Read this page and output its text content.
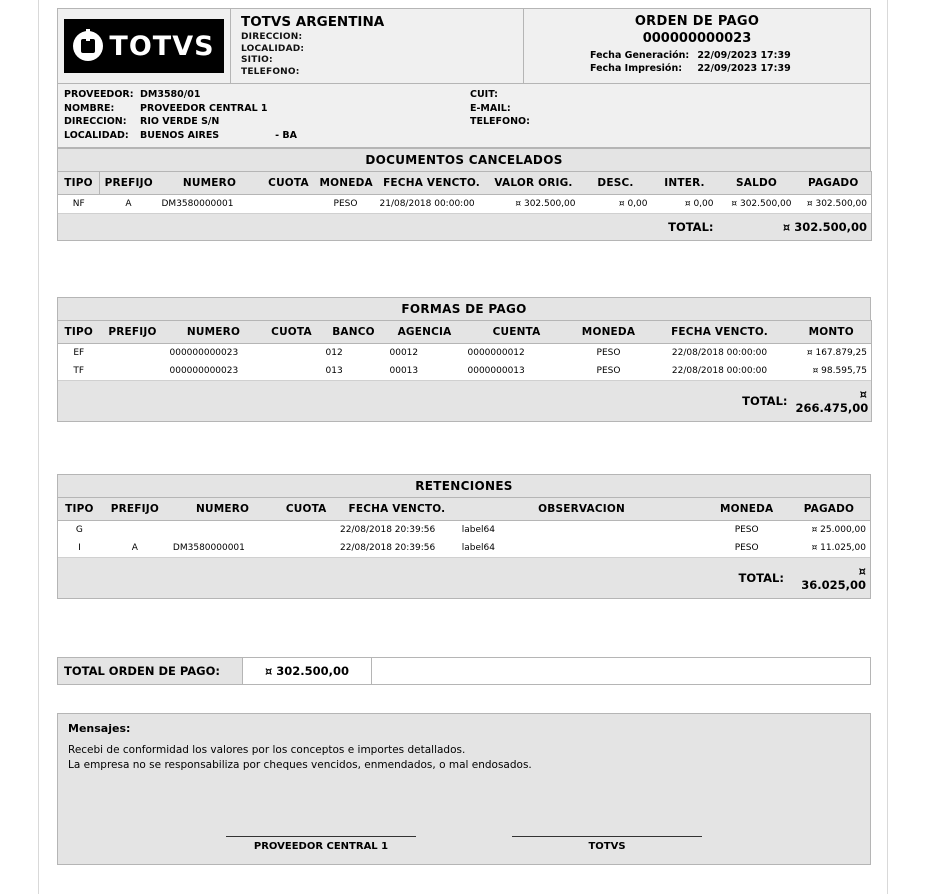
TOTVS
TOTVS ARGENTINA
DIRECCION:
LOCALIDAD:
SITIO:
TELEFONO:
ORDEN DE PAGO
000000000023
Fecha Generación: 22/09/2023 17:39
Fecha Impresión: 22/09/2023 17:39
PROVEEDOR: DM3580/01
NOMBRE:	PROVEEDOR CENTRAL 1
DIRECCION: RIO VERDE S/N
LOCALIDAD: BUENOS AIRES	- BA
CUIT:
E-MAIL:
TELEFONO:
DOCUMENTOS CANCELADOS
TIPO	PREFIJO	NUMERO	CUOTA	MONEDA	FECHA VENCTO.	VALOR ORIG.	DESC.	INTER.	SALDO	PAGADO
NF	A	DM3580000001		PESO	21/08/2018 00:00:00	¤ 302.500,00	¤ 0,00	¤ 0,00	¤ 302.500,00	¤ 302.500,00
TOTAL:									¤ 302.500,00	
FORMAS DE PAGO
TIPO	PREFIJO	NUMERO	CUOTA	BANCO	AGENCIA	CUENTA	MONEDA	FECHA VENCTO.	MONTO
EF		000000000023		012	00012	0000000012	PESO	22/08/2018 00:00:00	¤ 167.879,25
TF		000000000023		013	00013	0000000013	PESO	22/08/2018 00:00:00	¤ 98.595,75
TOTAL:									¤ 266.475,00
RETENCIONES
TIPO	PREFIJO	NUMERO	CUOTA	FECHA VENCTO.	OBSERVACION	MONEDA	PAGADO
G				22/08/2018 20:39:56	label64	PESO	¤ 25.000,00
I	A	DM3580000001		22/08/2018 20:39:56	label64	PESO	¤ 11.025,00
TOTAL:							¤ 36.025,00
TOTAL ORDEN DE PAGO:	¤ 302.500,00
Mensajes:
Recebi de conformidad los valores por los conceptos e importes detallados.
La empresa no se responsabiliza por cheques vencidos, enmendados, o mal endosados.
PROVEEDOR CENTRAL 1	TOTVS
